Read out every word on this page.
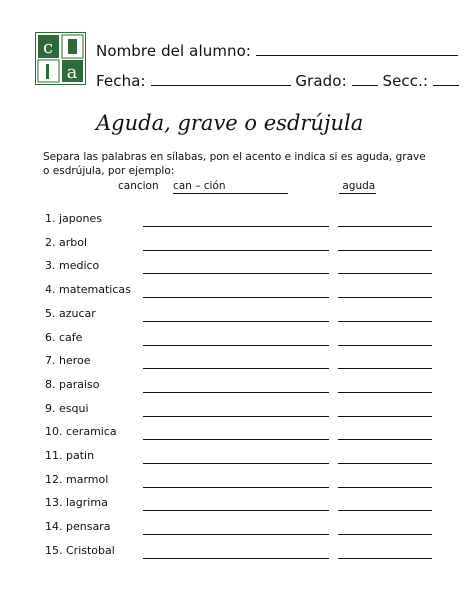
c
a
Nombre del alumno:
Fecha:	Grado: Secc.:
Aguda, grave o esdrújula
Separa las palabras en sílabas, pon el acento e indica si es aguda, grave o esdrújula, por ejemplo:
cancion can – ción	aguda
1. japones
2. arbol
3. medico
4. matematicas
5. azucar
6. cafe
7. heroe
8. paraiso
9. esqui
10. ceramica
11. patin
12. marmol
13. lagrima
14. pensara
15. Cristobal
